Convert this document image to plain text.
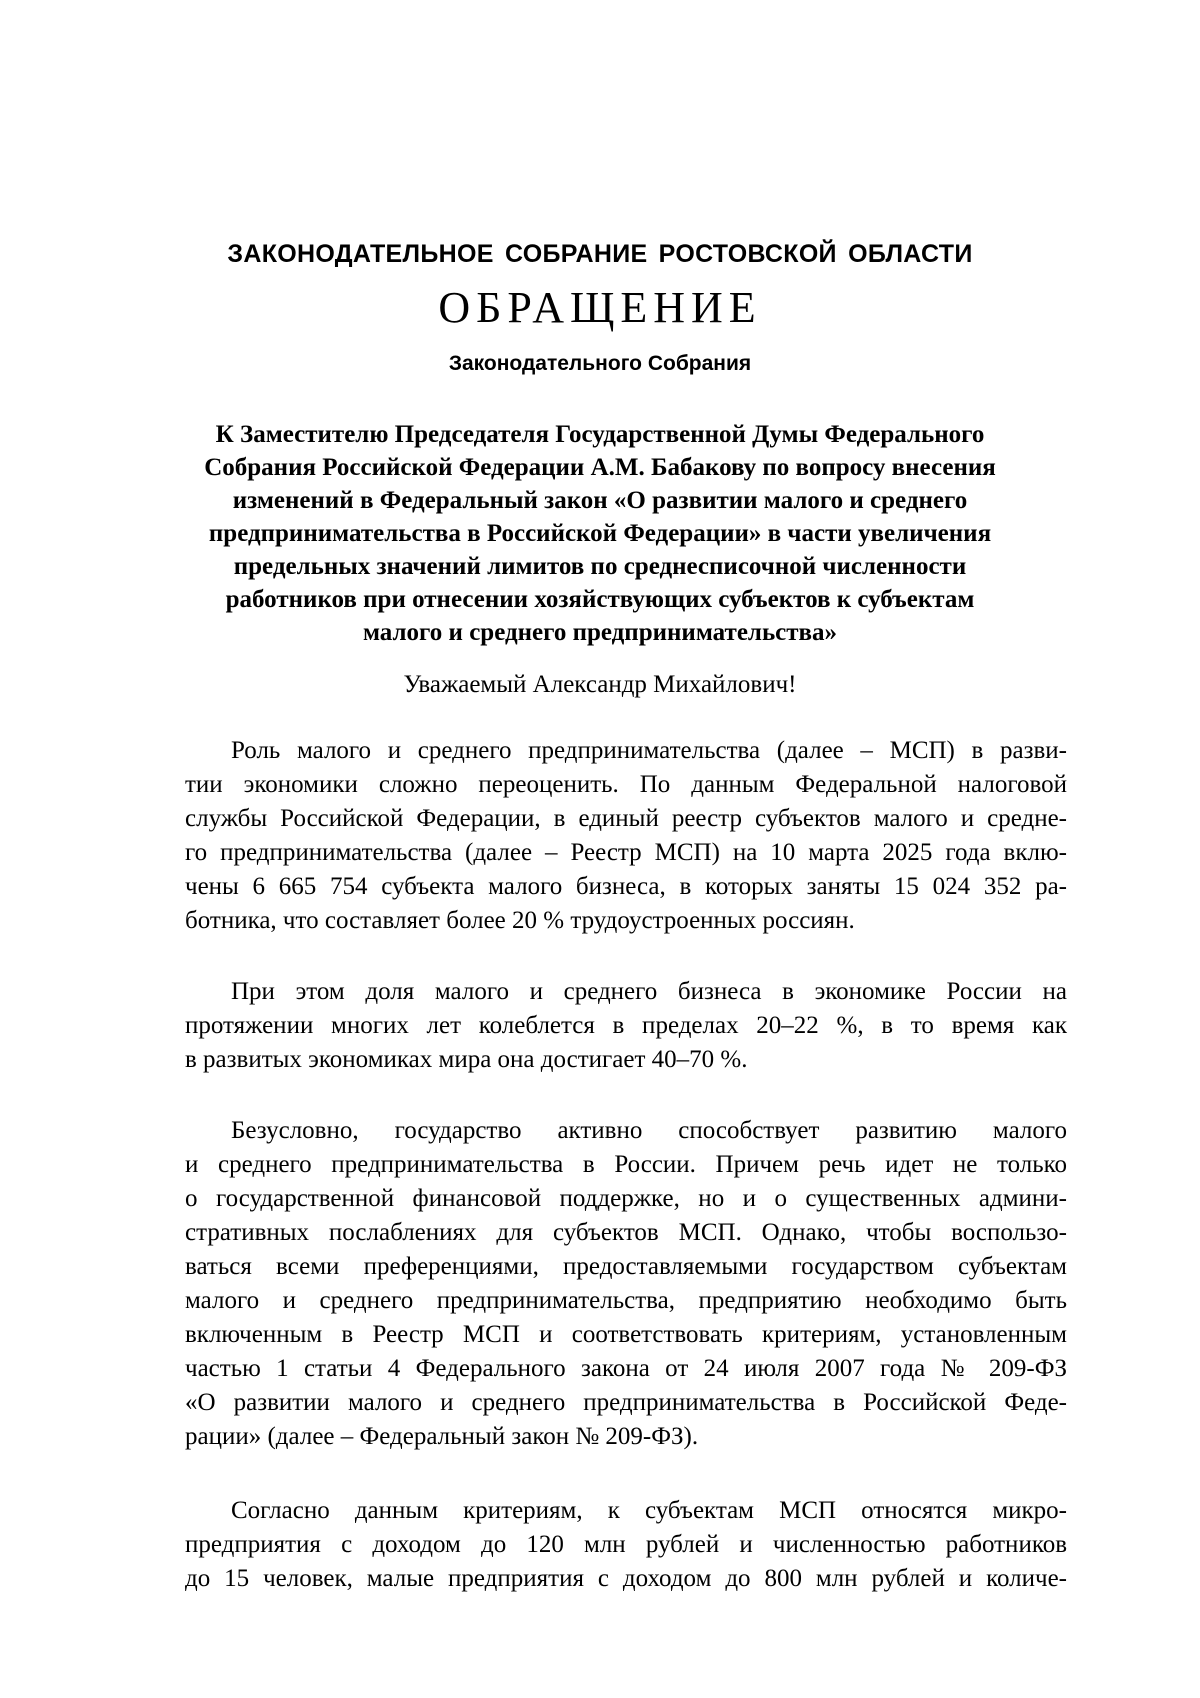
ЗАКОНОДАТЕЛЬНОЕ СОБРАНИЕ РОСТОВСКОЙ ОБЛАСТИ
ОБРАЩЕНИЕ
Законодательного Собрания

К Заместителю Председателя Государственной Думы Федерального
Собрания Российской Федерации А.М. Бабакову по вопросу внесения
изменений в Федеральный закон «О развитии малого и среднего
предпринимательства в Российской Федерации» в части увеличения
предельных значений лимитов по среднесписочной численности
работников при отнесении хозяйствующих субъектов к субъектам
малого и среднего предпринимательства»

Уважаемый Александр Михайлович!
Роль малого и среднего предпринимательства (далее – МСП) в разви-
тии экономики сложно переоценить. По данным Федеральной налоговой
службы Российской Федерации, в единый реестр субъектов малого и средне-
го предпринимательства (далее – Реестр МСП) на 10 марта 2025 года вклю-
чены 6 665 754 субъекта малого бизнеса, в которых заняты 15 024 352 ра-
ботника, что составляет более 20 % трудоустроенных россиян.
При этом доля малого и среднего бизнеса в экономике России на
протяжении многих лет колеблется в пределах 20–22 %, в то время как
в развитых экономиках мира она достигает 40–70 %.
Безусловно, государство активно способствует развитию малого
и среднего предпринимательства в России. Причем речь идет не только
о государственной финансовой поддержке, но и о существенных админи-
стративных послаблениях для субъектов МСП. Однако, чтобы воспользо-
ваться всеми преференциями, предоставляемыми государством субъектам
малого и среднего предпринимательства, предприятию необходимо быть
включенным в Реестр МСП и соответствовать критериям, установленным
частью 1 статьи 4 Федерального закона от 24 июля 2007 года № 209-ФЗ
«О развитии малого и среднего предпринимательства в Российской Феде-
рации» (далее – Федеральный закон № 209-ФЗ).
Согласно данным критериям, к субъектам МСП относятся микро-
предприятия с доходом до 120 млн рублей и численностью работников
до 15 человек, малые предприятия с доходом до 800 млн рублей и количе-
